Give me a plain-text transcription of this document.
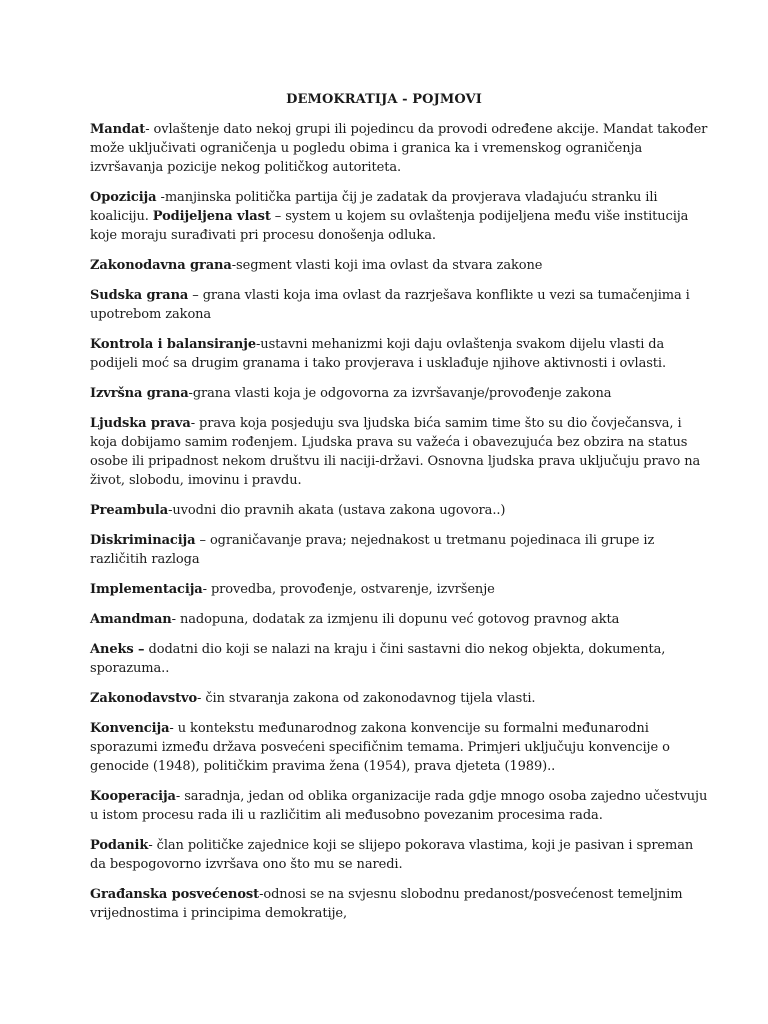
DEMOKRATIJA - POJMOVI

Mandat- ovlaštenje dato nekoj grupi ili pojedincu da provodi određene akcije. Mandat također može uključivati ograničenja u pogledu obima i granica ka i vremenskog ograničenja izvršavanja pozicije nekog političkog autoriteta.

Opozicija -manjinska politička partija čij je zadatak da provjerava vladajuću stranku ili koaliciju. Podijeljena vlast – system u kojem su ovlaštenja podijeljena među više institucija koje moraju surađivati pri procesu donošenja odluka.

Zakonodavna grana-segment vlasti koji ima ovlast da stvara zakone

Sudska grana – grana vlasti koja ima ovlast da razrješava konflikte u vezi sa tumačenjima i upotrebom zakona

Kontrola i balansiranje-ustavni mehanizmi koji daju ovlaštenja svakom dijelu vlasti da podijeli moć sa drugim granama i tako provjerava i usklađuje njihove aktivnosti i ovlasti.

Izvršna grana-grana vlasti koja je odgovorna za izvršavanje/provođenje zakona

Ljudska prava- prava koja posjeduju sva ljudska bića samim time što su dio čovječansva, i koja dobijamo samim rođenjem. Ljudska prava su važeća i obavezujuća bez obzira na status osobe ili pripadnost nekom društvu ili naciji-državi. Osnovna ljudska prava uključuju pravo na život, slobodu, imovinu i pravdu.

Preambula-uvodni dio pravnih akata (ustava zakona ugovora..)

Diskriminacija – ograničavanje prava; nejednakost u tretmanu pojedinaca ili grupe iz različitih razloga

Implementacija- provedba, provođenje, ostvarenje, izvršenje

Amandman- nadopuna, dodatak za izmjenu ili dopunu već gotovog pravnog akta

Aneks – dodatni dio koji se nalazi na kraju i čini sastavni dio nekog objekta, dokumenta, sporazuma..

Zakonodavstvo- čin stvaranja zakona od zakonodavnog tijela vlasti.

Konvencija- u kontekstu međunarodnog zakona konvencije su formalni međunarodni sporazumi između država posvećeni specifičnim temama. Primjeri uključuju konvencije o genocide (1948), političkim pravima žena (1954), prava djeteta (1989)..

Kooperacija- saradnja, jedan od oblika organizacije rada gdje mnogo osoba zajedno učestvuju u istom procesu rada ili u različitim ali međusobno povezanim procesima rada.

Podanik- član političke zajednice koji se slijepo pokorava vlastima, koji je pasivan i spreman da bespogovorno izvršava ono što mu se naredi.

Građanska posvećenost-odnosi se na svjesnu slobodnu predanost/posvećenost temeljnim vrijednostima i principima demokratije,
